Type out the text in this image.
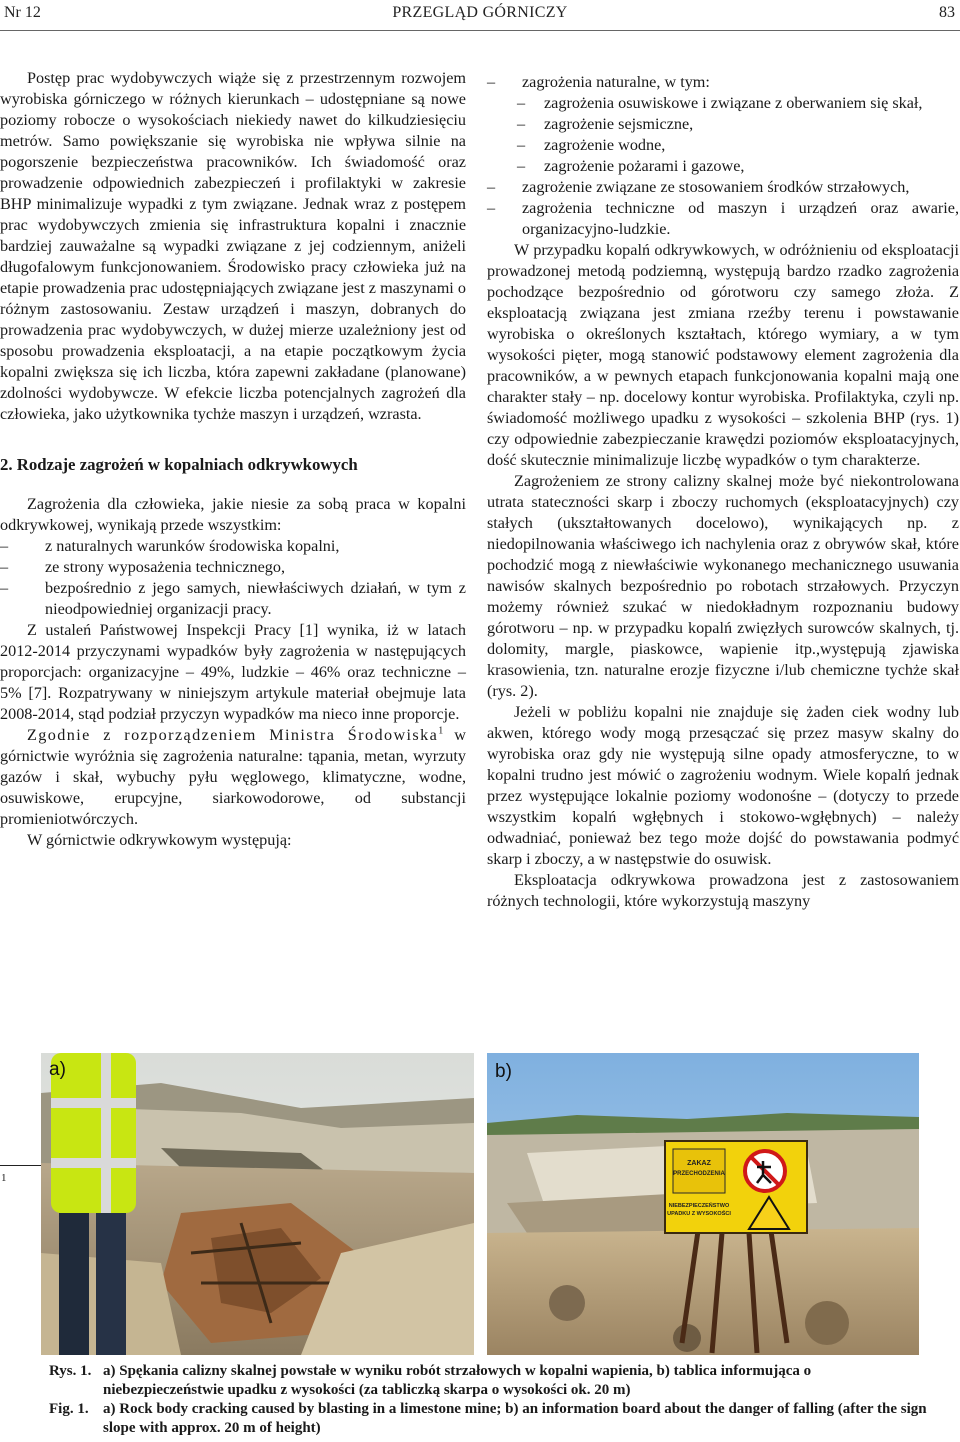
Nr 12	PRZEGLĄD GÓRNICZY	83

Postęp prac wydobywczych wiąże się z przestrzennym rozwojem wyrobiska górniczego w różnych kierunkach – udostępniane są nowe poziomy robocze o wysokościach niekiedy nawet do kilkudziesięciu metrów. Samo powiększanie się wyrobiska nie wpływa silnie na pogorszenie bezpieczeństwa pracowników. Ich świadomość oraz prowadzenie odpowiednich zabezpieczeń i profilaktyki w zakresie BHP minimalizuje wypadki z tym związane. Jednak wraz z postępem prac wydobywczych zmienia się infrastruktura kopalni i znacznie bardziej zauważalne są wypadki związane z jej codziennym, aniżeli długofalowym funkcjonowaniem. Środowisko pracy człowieka już na etapie prowadzenia prac udostępniających związane jest z maszynami o różnym zastosowaniu. Zestaw urządzeń i maszyn, dobranych do prowadzenia prac wydobywczych, w dużej mierze uzależniony jest od sposobu prowadzenia eksploatacji, a na etapie początkowym życia kopalni zwiększa się ich liczba, która zapewni zakładane (planowane) zdolności wydobywcze. W efekcie liczba potencjalnych zagrożeń dla człowieka, jako użytkownika tychże maszyn i urządzeń, wzrasta.

2. Rodzaje zagrożeń w kopalniach odkrywkowych

Zagrożenia dla człowieka, jakie niesie za sobą praca w kopalni odkrywkowej, wynikają przede wszystkim:

– z naturalnych warunków środowiska kopalni,

– ze strony wyposażenia technicznego,

– bezpośrednio z jego samych, niewłaściwych działań, w tym z nieodpowiedniej organizacji pracy.

Z ustaleń Państwowej Inspekcji Pracy [1] wynika, iż w latach 2012-2014 przyczynami wypadków były zagrożenia w następujących proporcjach: organizacyjne – 49%, ludzkie – 46% oraz techniczne – 5% [7]. Rozpatrywany w niniejszym artykule materiał obejmuje lata 2008-2014, stąd podział przyczyn wypadków ma nieco inne proporcje.

Zgodnie z rozporządzeniem Ministra Środowiska$^1$ w górnictwie wyróżnia się zagrożenia naturalne: tąpania, metan, wyrzuty gazów i skał, wybuchy pyłu węglowego, klimatyczne, wodne, osuwiskowe, erupcyjne, siarkowodorowe, od substancji promieniotwórczych.

W górnictwie odkrywkowym występują:

1

– zagrożenia naturalne, w tym:

– zagrożenia osuwiskowe i związane z oberwaniem się skał,

– zagrożenie sejsmiczne,

– zagrożenie wodne,

– zagrożenie pożarami i gazowe,

– zagrożenie związane ze stosowaniem środków strzałowych,

– zagrożenia techniczne od maszyn i urządzeń oraz awarie, organizacyjno-ludzkie.

W przypadku kopalń odkrywkowych, w odróżnieniu od eksploatacji prowadzonej metodą podziemną, występują bardzo rzadko zagrożenia pochodzące bezpośrednio od górotworu czy samego złoża. Z eksploatacją związana jest zmiana rzeźby terenu i powstawanie wyrobiska o określonych kształtach, którego wymiary, a w tym wysokości pięter, mogą stanowić podstawowy element zagrożenia dla pracowników, a w pewnych etapach funkcjonowania kopalni mają one charakter stały – np. docelowy kontur wyrobiska. Profilaktyka, czyli np. świadomość możliwego upadku z wysokości – szkolenia BHP (rys. 1) czy odpowiednie zabezpieczanie krawędzi poziomów eksploatacyjnych, dość skutecznie minimalizuje liczbę wypadków o tym charakterze.

Zagrożeniem ze strony calizny skalnej może być niekontrolowana utrata stateczności skarp i zboczy ruchomych (eksploatacyjnych) czy stałych (ukształtowanych docelowo), wynikających np. z niedopilnowania właściwego ich nachylenia oraz z obrywów skał, które pochodzić mogą z niewłaściwie wykonanego mechanicznego usuwania nawisów skalnych bezpośrednio po robotach strzałowych. Przyczyn możemy również szukać w niedokładnym rozpoznaniu budowy górotworu – np. w przypadku kopalń zwięzłych surowców skalnych, tj. dolomity, margle, piaskowce, wapienie itp.,występują zjawiska krasowienia, tzn. naturalne erozje fizyczne i/lub chemiczne tychże skał (rys. 2).

Jeżeli w pobliżu kopalni nie znajduje się żaden ciek wodny lub akwen, którego wody mogą przesączać się przez masyw skalny do wyrobiska oraz gdy nie występują silne opady atmosferyczne, to w kopalni trudno jest mówić o zagrożeniu wodnym. Wiele kopalń jednak przez występujące lokalnie poziomy wodonośne – (dotyczy to przede wszystkim kopalń wgłębnych i stokowo-wgłębnych) – należy odwadniać, ponieważ bez tego może dojść do powstawania podmyć skarp i zboczy, a w następstwie do osuwisk.

Eksploatacja odkrywkowa prowadzona jest z zastosowaniem różnych technologii, które wykorzystują maszyny

a)
ZAKAZ
PRZECHODZENIA
NIEBEZPIECZEŃSTWO
UPADKU Z WYSOKOŚCI
b)
Rys. 1. a) Spękania calizny skalnej powstałe w wyniku robót strzałowych w kopalni wapienia, b) tablica informująca o niebezpieczeństwie upadku z wysokości (za tabliczką skarpa o wysokości ok. 20 m)
Fig. 1. a) Rock body cracking caused by blasting in a limestone mine; b) an information board about the danger of falling (after the sign slope with approx. 20 m of height)
